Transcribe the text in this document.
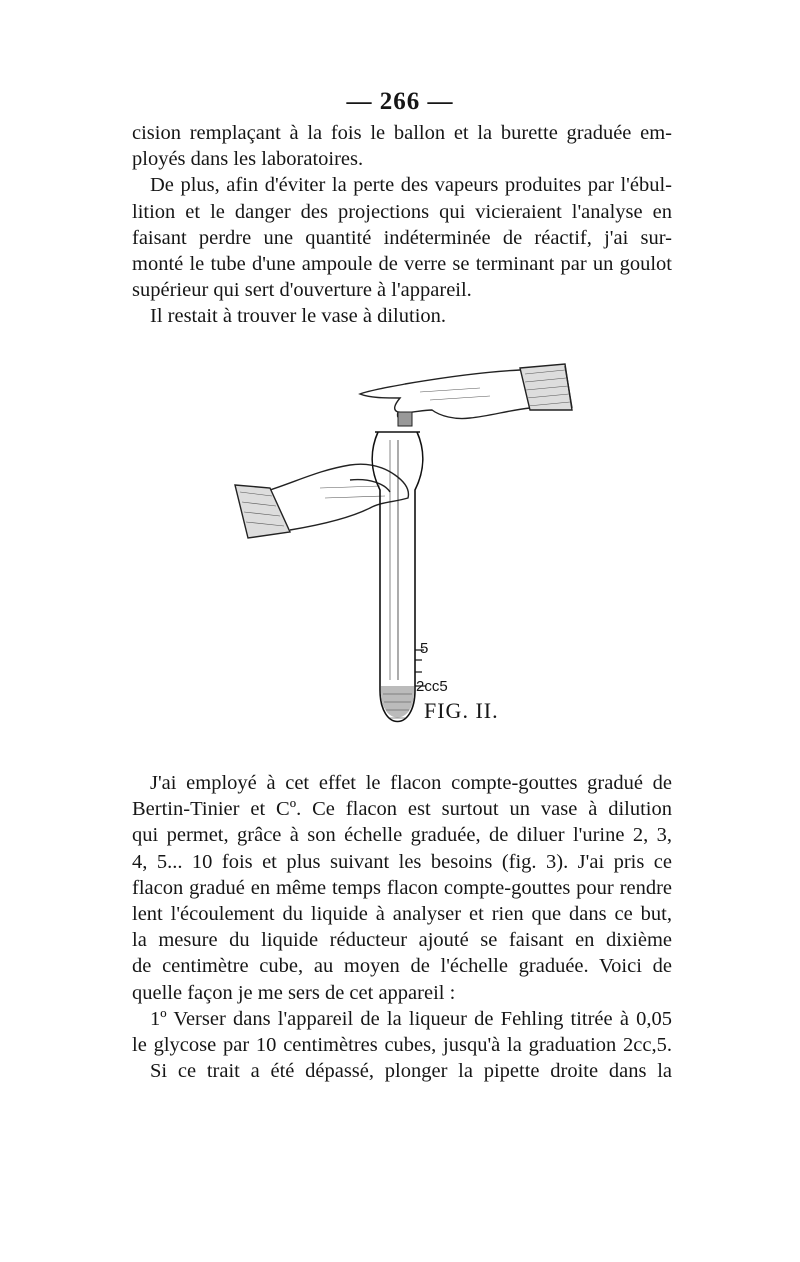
— 266 —
cision remplaçant à la fois le ballon et la burette graduée em-
ployés dans les laboratoires.
De plus, afin d'éviter la perte des vapeurs produites par l'ébul-
lition et le danger des projections qui vicieraient l'analyse en
faisant perdre une quantité indéterminée de réactif, j'ai sur-
monté le tube d'une ampoule de verre se terminant par un goulot
supérieur qui sert d'ouverture à l'appareil.
Il restait à trouver le vase à dilution.
5
2cc5
FIG. II.
J'ai employé à cet effet le flacon compte-gouttes gradué de
Bertin-Tinier et Cº. Ce flacon est surtout un vase à dilution
qui permet, grâce à son échelle graduée, de diluer l'urine 2, 3,
4, 5... 10 fois et plus suivant les besoins (fig. 3). J'ai pris ce
flacon gradué en même temps flacon compte-gouttes pour rendre
lent l'écoulement du liquide à analyser et rien que dans ce but,
la mesure du liquide réducteur ajouté se faisant en dixième
de centimètre cube, au moyen de l'échelle graduée. Voici de
quelle façon je me sers de cet appareil :
1º Verser dans l'appareil de la liqueur de Fehling titrée à 0,05
le glycose par 10 centimètres cubes, jusqu'à la graduation 2cc,5.
Si ce trait a été dépassé, plonger la pipette droite dans la
